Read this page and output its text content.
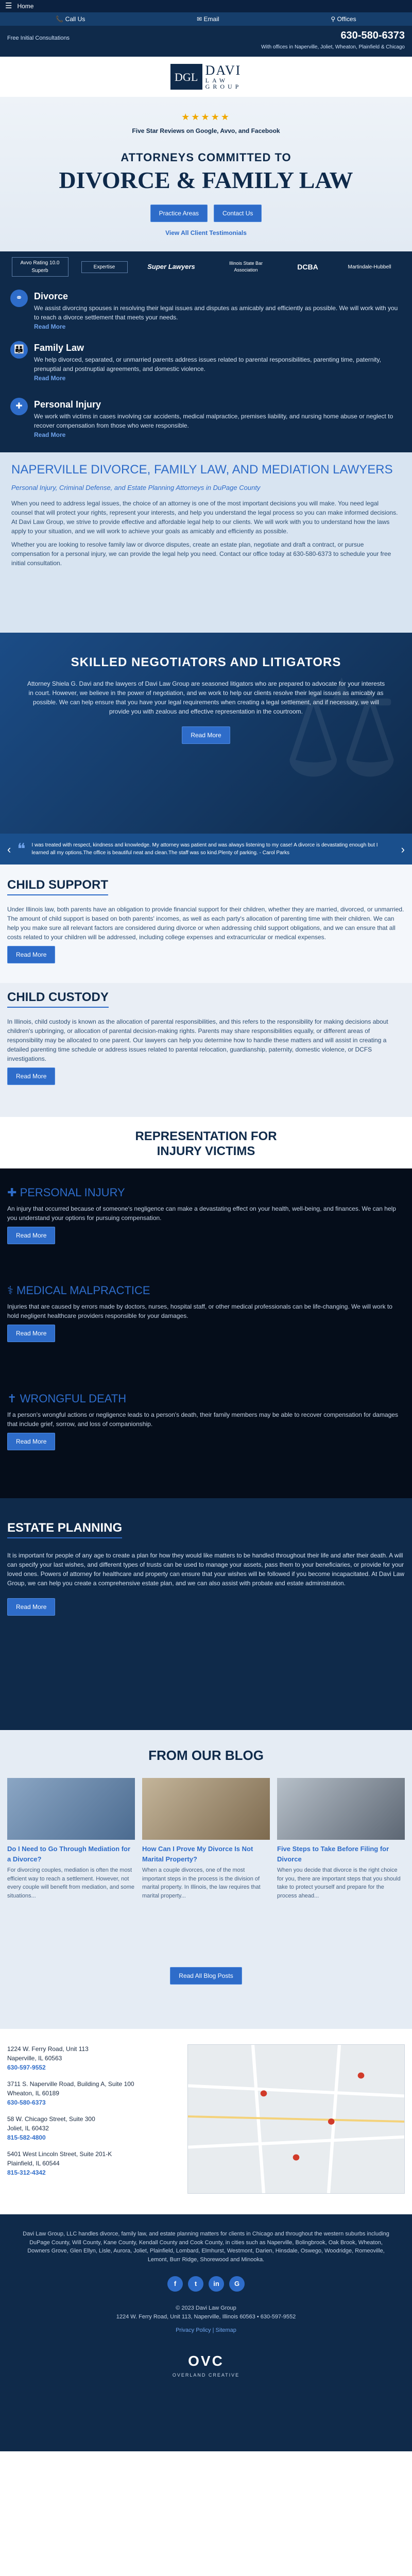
☰ Home
📞 Call Us	✉ Email	⚲ Offices
Free Initial Consultations	630-580-6373
With offices in Naperville, Joliet, Wheaton, Plainfield & Chicago
DGL DAVI
LAW
GROUP
★★★★★
Five Star Reviews on Google, Avvo, and Facebook
ATTORNEYS COMMITTED TO
DIVORCE & FAMILY LAW
Practice Areas	Contact Us
View All Client Testimonials
Avvo Rating 10.0 Superb
Expertise	Super Lawyers	Illinois State Bar Association	DCBA	Martindale-Hubbell
⚭	Divorce
We assist divorcing spouses in resolving their legal issues and disputes as amicably and efficiently as possible. We will work with you to reach a divorce settlement that meets your needs.
Read More
👪	Family Law
We help divorced, separated, or unmarried parents address issues related to parental responsibilities, parenting time, paternity, prenuptial and postnuptial agreements, and domestic violence.
Read More
✚	Personal Injury
We work with victims in cases involving car accidents, medical malpractice, premises liability, and nursing home abuse or neglect to recover compensation from those who were responsible.
Read More
NAPERVILLE DIVORCE, FAMILY LAW, AND MEDIATION LAWYERS
Personal Injury, Criminal Defense, and Estate Planning Attorneys in DuPage County

When you need to address legal issues, the choice of an attorney is one of the most important decisions you will make. You need legal counsel that will protect your rights, represent your interests, and help you understand the legal process so you can make informed decisions. At Davi Law Group, we strive to provide effective and affordable legal help to our clients. We will work with you to understand how the laws apply to your situation, and we will work to achieve your goals as amicably and efficiently as possible.

Whether you are looking to resolve family law or divorce disputes, create an estate plan, negotiate and draft a contract, or pursue compensation for a personal injury, we can provide the legal help you need. Contact our office today at 630-580-6373 to schedule your free initial consultation.

⚖
SKILLED NEGOTIATORS AND LITIGATORS
Attorney Shiela G. Davi and the lawyers of Davi Law Group are seasoned litigators who are prepared to advocate for your interests in court. However, we believe in the power of negotiation, and we work to help our clients resolve their legal issues as amicably as possible. We can help ensure that you have your legal requirements when creating a legal settlement, and if necessary, we will provide you with zealous and effective representation in the courtroom.
Read More
‹ ❝ I was treated with respect, kindness and knowledge. My attorney was patient and was always listening to my case! A divorce is devastating enough but I learned all my options.The office is beautiful neat and clean.The staff was so kind.Plenty of parking. - Carol Parks	›
CHILD SUPPORT

Under Illinois law, both parents have an obligation to provide financial support for their children, whether they are married, divorced, or unmarried. The amount of child support is based on both parents' incomes, as well as each party's allocation of parenting time with their children. We can help you make sure all relevant factors are considered during divorce or when addressing child support obligations, and we can ensure that all costs related to your children will be addressed, including college expenses and extracurricular or medical expenses.

Read More
CHILD CUSTODY

In Illinois, child custody is known as the allocation of parental responsibilities, and this refers to the responsibility for making decisions about children's upbringing, or allocation of parental decision-making rights. Parents may share responsibilities equally, or different areas of responsibility may be allocated to one parent. Our lawyers can help you determine how to handle these matters and will assist in creating a detailed parenting time schedule or address issues related to parental relocation, guardianship, paternity, domestic violence, or DCFS investigations.

Read More
REPRESENTATION FOR INJURY VICTIMS
✚ PERSONAL INJURY

An injury that occurred because of someone's negligence can make a devastating effect on your health, well-being, and finances. We can help you understand your options for pursuing compensation.

Read More
⚕ MEDICAL MALPRACTICE

Injuries that are caused by errors made by doctors, nurses, hospital staff, or other medical professionals can be life-changing. We will work to hold negligent healthcare providers responsible for your damages.

Read More
✝ WRONGFUL DEATH

If a person's wrongful actions or negligence leads to a person's death, their family members may be able to recover compensation for damages that include grief, sorrow, and loss of companionship.

Read More
ESTATE PLANNING

It is important for people of any age to create a plan for how they would like matters to be handled throughout their life and after their death. A will can specify your last wishes, and different types of trusts can be used to manage your assets, pass them to your beneficiaries, or provide for your loved ones. Powers of attorney for healthcare and property can ensure that your wishes will be followed if you become incapacitated. At Davi Law Group, we can help you create a comprehensive estate plan, and we can also assist with probate and estate administration.

Read More
FROM OUR BLOG
Do I Need to Go Through Mediation for a Divorce?
For divorcing couples, mediation is often the most efficient way to reach a settlement. However, not every couple will benefit from mediation, and some situations...
How Can I Prove My Divorce Is Not Marital Property?
When a couple divorces, one of the most important steps in the process is the division of marital property. In Illinois, the law requires that marital property...
Five Steps to Take Before Filing for Divorce
When you decide that divorce is the right choice for you, there are important steps that you should take to protect yourself and prepare for the process ahead...
Read All Blog Posts
1224 W. Ferry Road, Unit 113
Naperville, IL 60563
630-597-9552
3711 S. Naperville Road, Building A, Suite 100
Wheaton, IL 60189
630-580-6373
58 W. Chicago Street, Suite 300
Joliet, IL 60432
815-582-4800
5401 West Lincoln Street, Suite 201-K
Plainfield, IL 60544
815-312-4342

Davi Law Group, LLC handles divorce, family law, and estate planning matters for clients in Chicago and throughout the western suburbs including DuPage County, Will County, Kane County, Kendall County and Cook County, in cities such as Naperville, Bolingbrook, Oak Brook, Wheaton, Downers Grove, Glen Ellyn, Lisle, Aurora, Joliet, Plainfield, Lombard, Elmhurst, Westmont, Darien, Hinsdale, Oswego, Woodridge, Romeoville, Lemont, Burr Ridge, Shorewood and Minooka.

f	t	in	G
© 2023 Davi Law Group
1224 W. Ferry Road, Unit 113, Naperville, Illinois 60563 • 630-597-9552
Privacy Policy | Sitemap
OVC
OVERLAND CREATIVE
